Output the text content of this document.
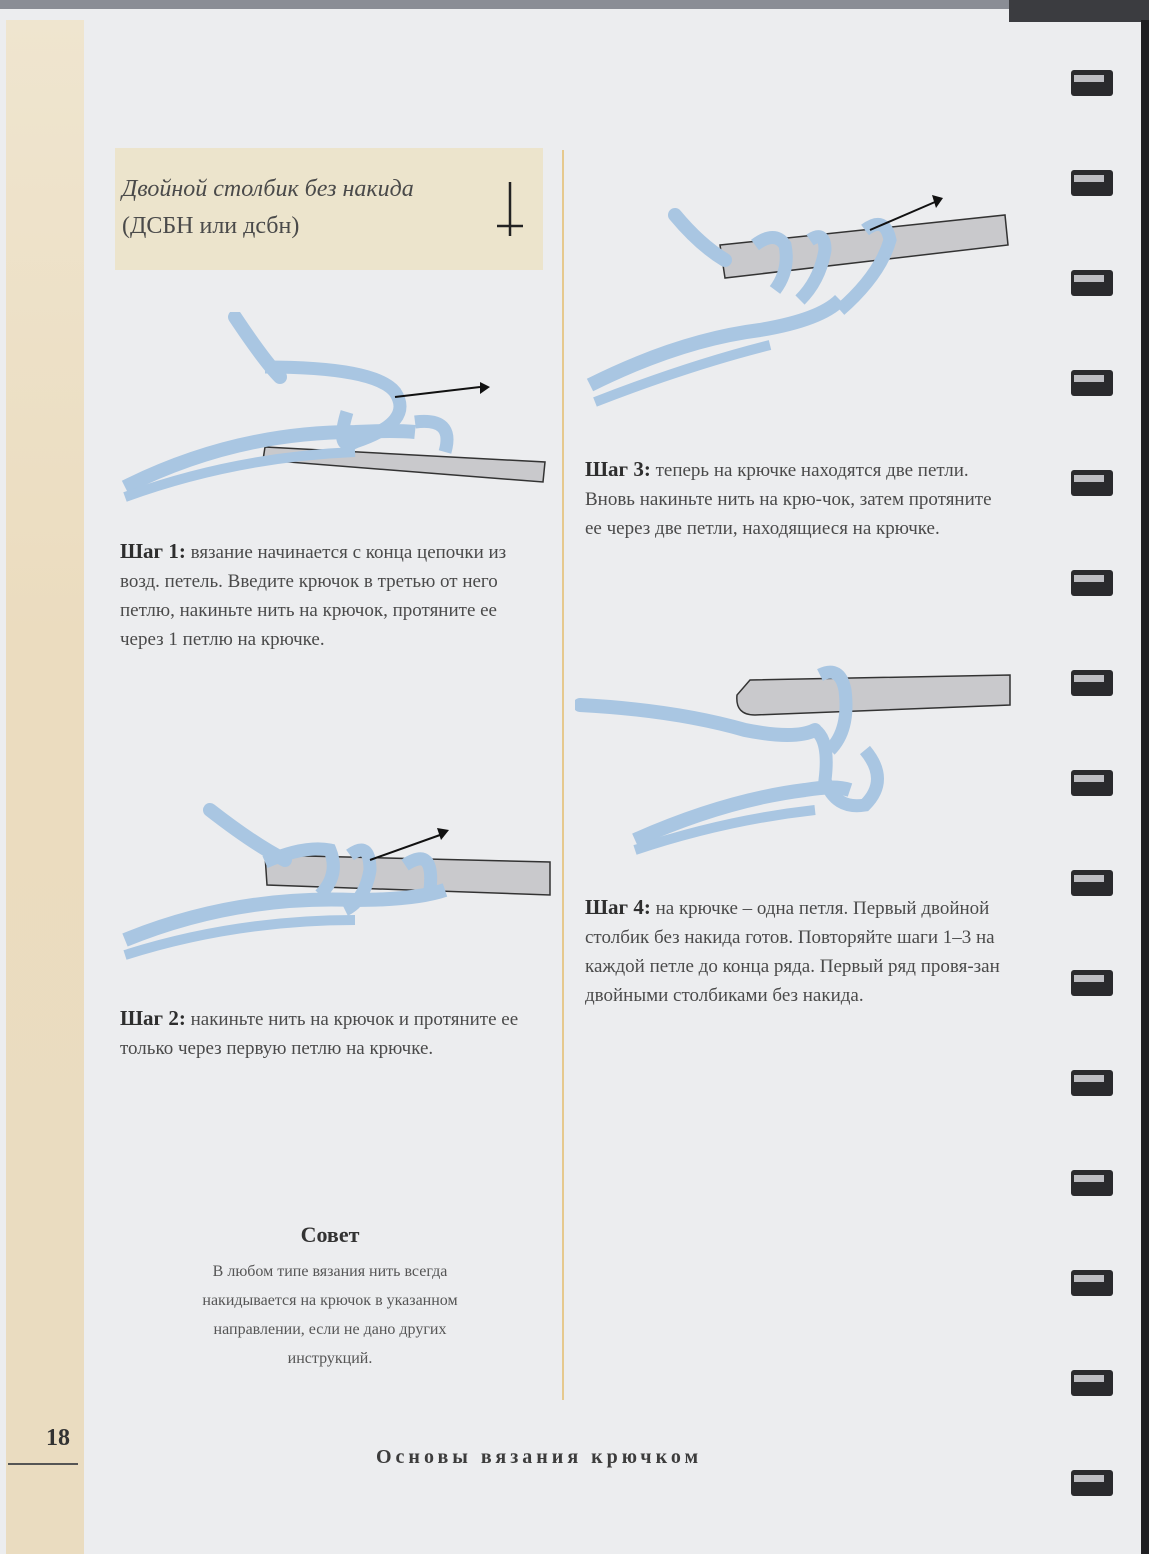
Двойной столбик без накида
(ДСБН или дсбн)
Шаг 1: вязание начинается с конца цепочки из возд. петель. Введите крючок в третью от него петлю, накиньте нить на крючок, протяните ее через 1 петлю на крючке.
Шаг 2: накиньте нить на крючок и протяните ее только через первую петлю на крючке.
Шаг 3: теперь на крючке находятся две петли. Вновь накиньте нить на крю-чок, затем протяните ее через две петли, находящиеся на крючке.
Шаг 4: на крючке – одна петля. Первый двойной столбик без накида готов. Повторяйте шаги 1–3 на каждой петле до конца ряда. Первый ряд провя-зан двойными столбиками без накида.
Совет
В любом типе вязания нить всегда накидывается на крючок в указанном направлении, если не дано других инструкций.
18
Основы вязания крючком
